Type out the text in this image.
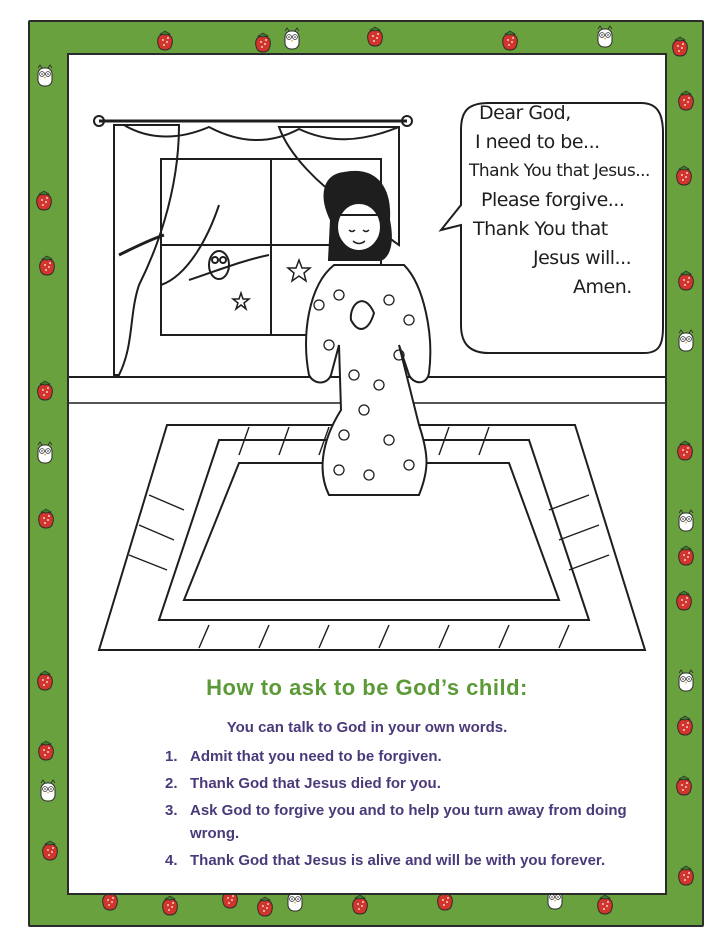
Dear God,
I need to be...
Thank You that Jesus...
Please forgive...
Thank You that
Jesus will...
Amen.
How to ask to be God’s child:
You can talk to God in your own words.
1. Admit that you need to be forgiven.
2. Thank God that Jesus died for you.
3. Ask God to forgive you and to help you turn away from doing wrong.
4. Thank God that Jesus is alive and will be with you forever.
